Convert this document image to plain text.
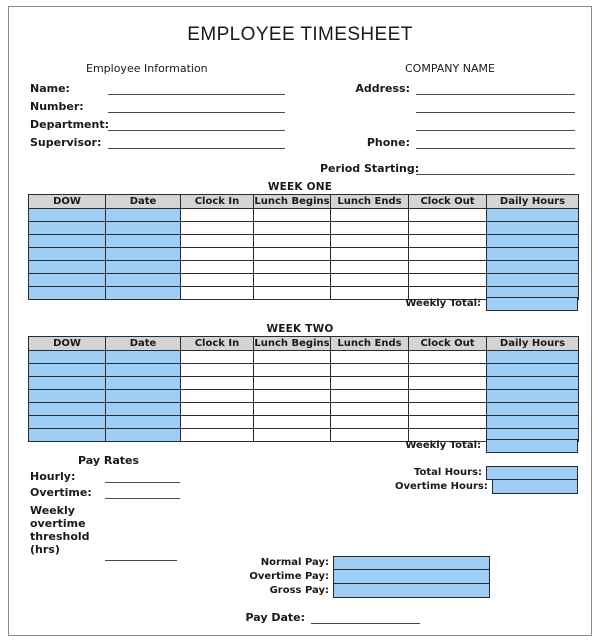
EMPLOYEE TIMESHEET
Employee Information
Name:
Number:
Department:
Supervisor:
COMPANY NAME
Address:
Phone:
Period Starting:
WEEK ONE
DOW	Date	Clock In	Lunch Begins	Lunch Ends	Clock Out	Daily Hours

Weekly Total:
WEEK TWO
DOW	Date	Clock In	Lunch Begins	Lunch Ends	Clock Out	Daily Hours

Weekly Total:
Pay Rates
Hourly:
Overtime:
Weekly overtime threshold (hrs)
Total Hours:
Overtime Hours:
Normal Pay:
Overtime Pay:
Gross Pay:
Pay Date:
